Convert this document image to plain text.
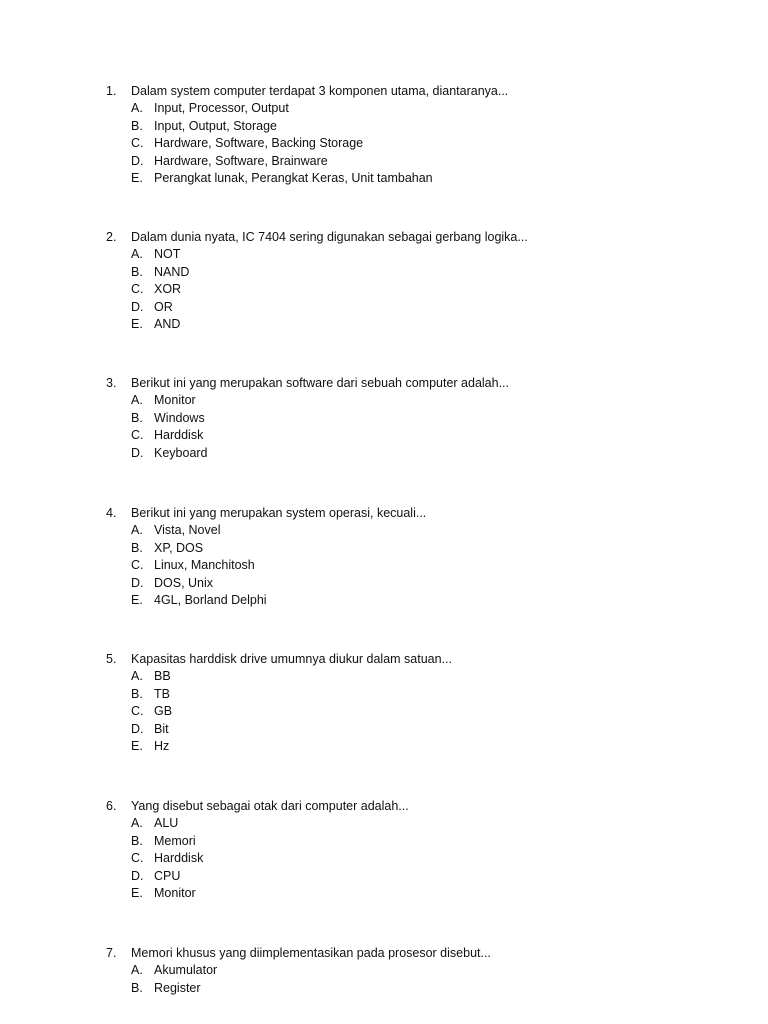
1. Dalam system computer terdapat 3 komponen utama, diantaranya...
A. Input, Processor, Output
B. Input, Output, Storage
C. Hardware, Software, Backing Storage
D. Hardware, Software, Brainware
E. Perangkat lunak, Perangkat Keras, Unit tambahan
2. Dalam dunia nyata, IC 7404 sering digunakan sebagai gerbang logika...
A. NOT
B. NAND
C. XOR
D. OR
E. AND
3. Berikut ini yang merupakan software dari sebuah computer adalah...
A. Monitor
B. Windows
C. Harddisk
D. Keyboard
4. Berikut ini yang merupakan system operasi, kecuali...
A. Vista, Novel
B. XP, DOS
C. Linux, Manchitosh
D. DOS, Unix
E. 4GL, Borland Delphi
5. Kapasitas harddisk drive umumnya diukur dalam satuan...
A. BB
B. TB
C. GB
D. Bit
E. Hz
6. Yang disebut sebagai otak dari computer adalah...
A. ALU
B. Memori
C. Harddisk
D. CPU
E. Monitor
7. Memori khusus yang diimplementasikan pada prosesor disebut...
A. Akumulator
B. Register
